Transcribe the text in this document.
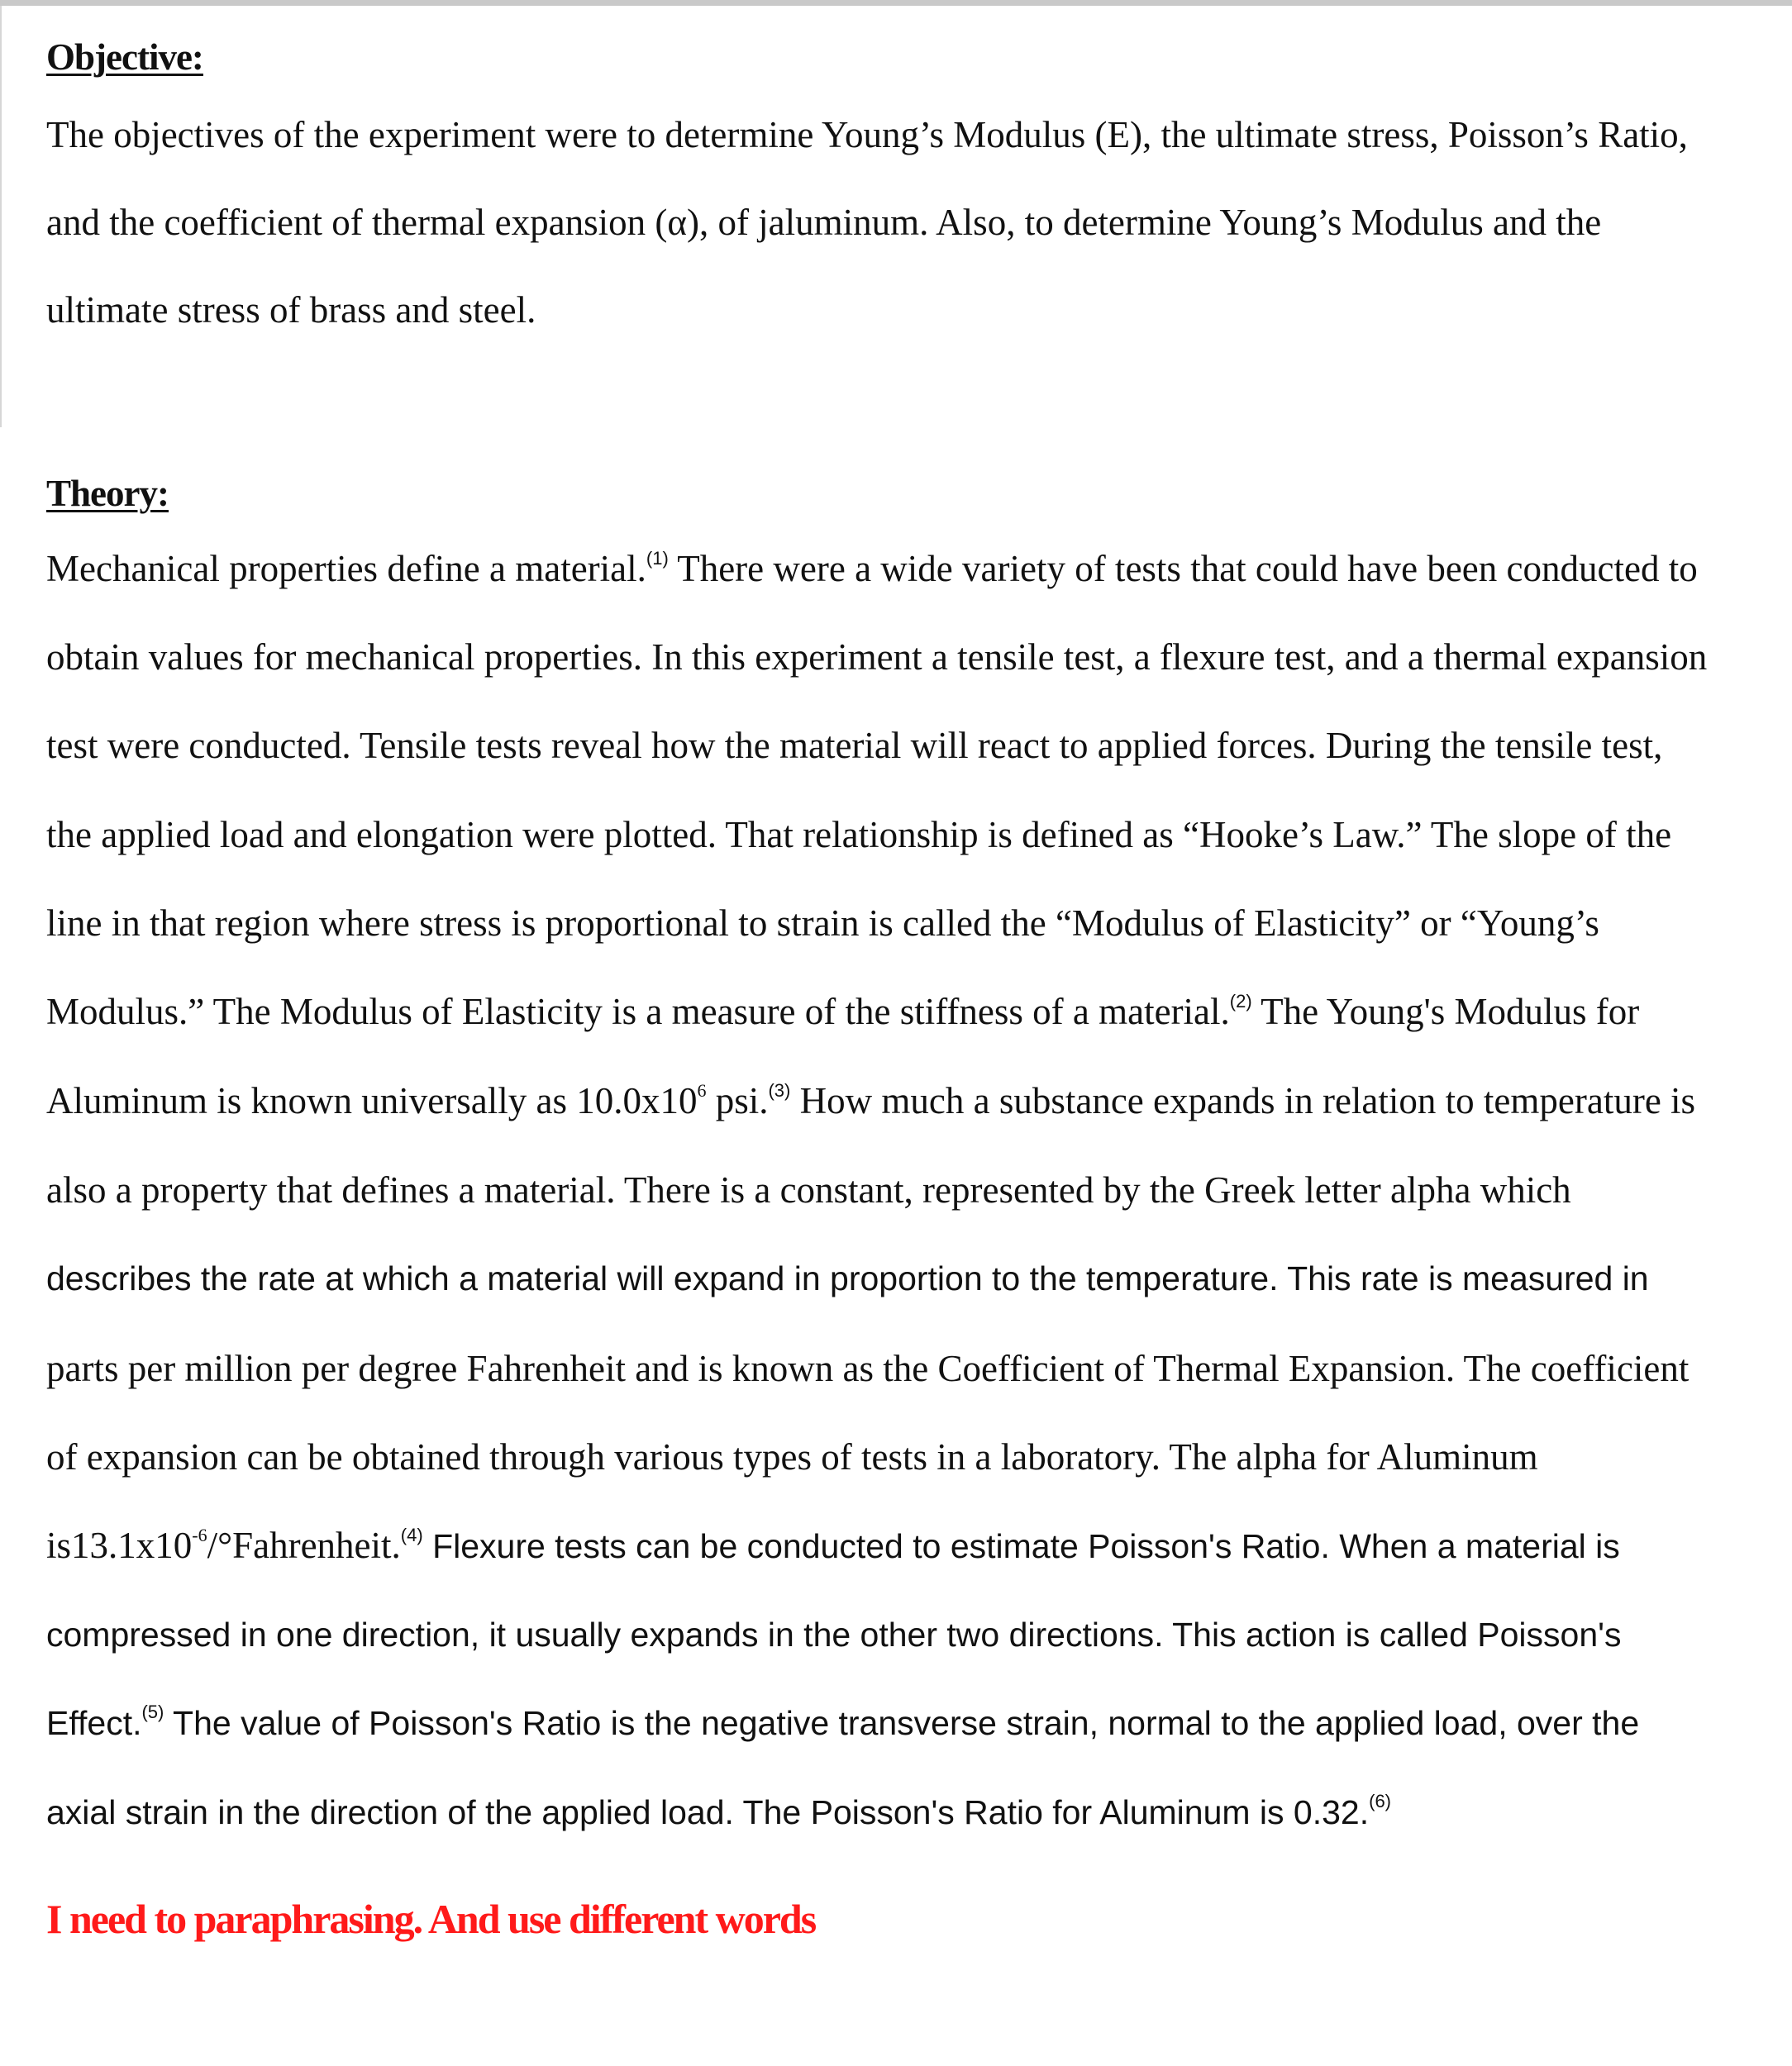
Objective:
The objectives of the experiment were to determine Young’s Modulus (E), the ultimate stress, Poisson’s Ratio,
and the coefficient of thermal expansion (α), of jaluminum. Also, to determine Young’s Modulus and the
ultimate stress of brass and steel.
Theory:
Mechanical properties define a material.$^{(1)}$ There were a wide variety of tests that could have been conducted to
obtain values for mechanical properties. In this experiment a tensile test, a flexure test, and a thermal expansion
test were conducted. Tensile tests reveal how the material will react to applied forces. During the tensile test,
the applied load and elongation were plotted. That relationship is defined as “Hooke’s Law.” The slope of the
line in that region where stress is proportional to strain is called the “Modulus of Elasticity” or “Young’s
Modulus.” The Modulus of Elasticity is a measure of the stiffness of a material.$^{(2)}$ The Young's Modulus for
Aluminum is known universally as $10.0x10^6$ psi.$^{(3)}$ How much a substance expands in relation to temperature is
also a property that defines a material. There is a constant, represented by the Greek letter alpha which
describes the rate at which a material will expand in proportion to the temperature. This rate is measured in
parts per million per degree Fahrenheit and is known as the Coefficient of Thermal Expansion. The coefficient
of expansion can be obtained through various types of tests in a laboratory. The alpha for Aluminum
$is13.1x10^{-6}/^\circ Fahrenheit.^{(4)}$ Flexure tests can be conducted to estimate Poisson's Ratio. When a material is
compressed in one direction, it usually expands in the other two directions. This action is called Poisson's
Effect.$^{(5)}$ The value of Poisson's Ratio is the negative transverse strain, normal to the applied load, over the
axial strain in the direction of the applied load. The Poisson's Ratio for Aluminum is 0.32.$^{(6)}$
I need to paraphrasing. And use different words
